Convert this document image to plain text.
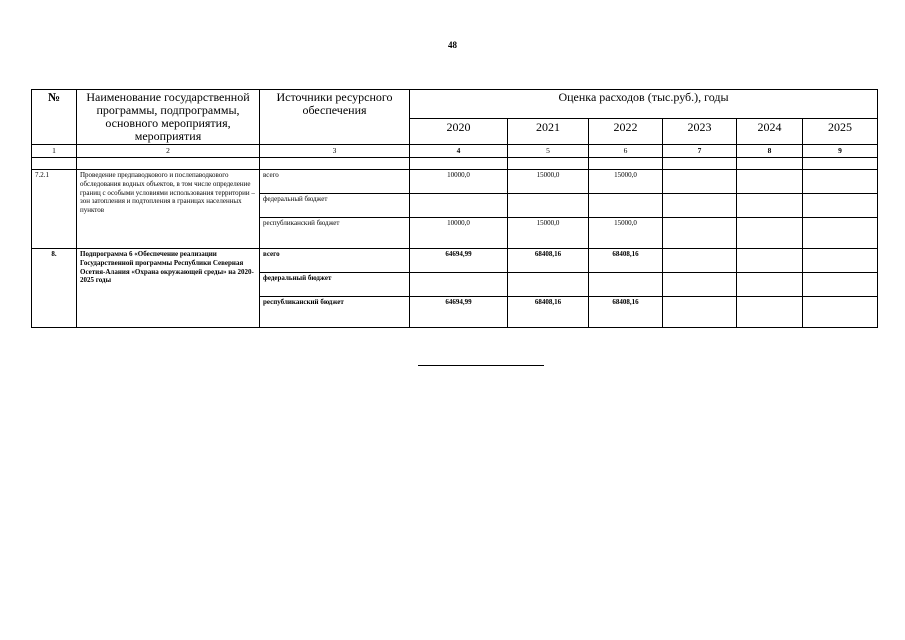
48
№	Наименование государственной программы, подпрограммы, основного мероприятия, мероприятия	Источники ресурсного обеспечения	Оценка расходов (тыс.руб.), годы					
			2020	2021	2022	2023	2024	2025
1	2	3	4	5	6	7	8	9

7.2.1	Проведение предпаводкового и послепаводкового обследования водных объектов, в том числе определение границ с особыми условиями использования территории – зон затопления и подтопления в границах населенных пунктов	всего	10000,0	15000,0	15000,0			
		федеральный бюджет						
		республиканский бюджет	10000,0	15000,0	15000,0			
8.	Подпрограмма 6 «Обеспечение реализации Государственной программы Республики Северная Осетия-Алания «Охрана окружающей среды» на 2020-2025 годы	всего	64694,99	68408,16	68408,16			
		федеральный бюджет						
		республиканский бюджет	64694,99	68408,16	68408,16			
